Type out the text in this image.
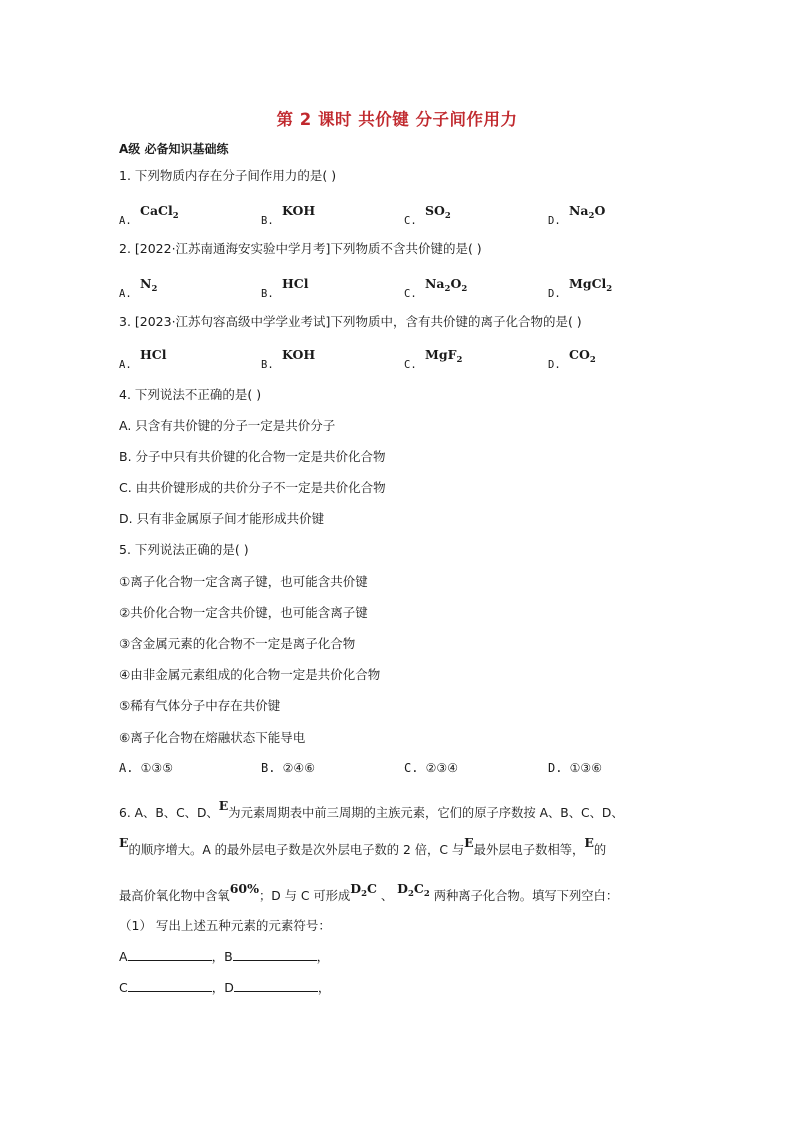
第 2 课时 共价键 分子间作用力
A级 必备知识基础练
1. 下列物质内存在分子间作用力的是( )
A.
CaCl$_2$	B.
KOH
C.
$SO_2$	D.
$Na_2O$
2. [2022·江苏南通海安实验中学月考]下列物质不含共价键的是( )
A.
$N_2$	B.
HCl
C.
$Na_2O_2$	D.
MgCl$_2$
3. [2023·江苏句容高级中学学业考试]下列物质中，含有共价键的离子化合物的是( )
A.
HCl
B.
KOH
C.
MgF$_2$	D.
$CO_2$
4. 下列说法不正确的是( )
A. 只含有共价键的分子一定是共价分子
B. 分子中只有共价键的化合物一定是共价化合物
C. 由共价键形成的共价分子不一定是共价化合物
D. 只有非金属原子间才能形成共价键
5. 下列说法正确的是( )
①离子化合物一定含离子键，也可能含共价键
②共价化合物一定含共价键，也可能含离子键
③含金属元素的化合物不一定是离子化合物
④由非金属元素组成的化合物一定是共价化合物
⑤稀有气体分子中存在共价键
⑥离子化合物在熔融状态下能导电
A. ①③⑤	B. ②④⑥	C. ②③④	D. ①③⑥
6. A、B、C、D、E为元素周期表中前三周期的主族元素，它们的原子序数按 A、B、C、D、
E的顺序增大。A 的最外层电子数是次外层电子数的 2 倍，C 与E最外层电子数相等，E的
最高价氧化物中含氧60%；D 与 C 可形成$D_2C$ 、 $D_2C_2$ 两种离子化合物。填写下列空白：
（1） 写出上述五种元素的元素符号：
A	，B	，
C	，D	，
